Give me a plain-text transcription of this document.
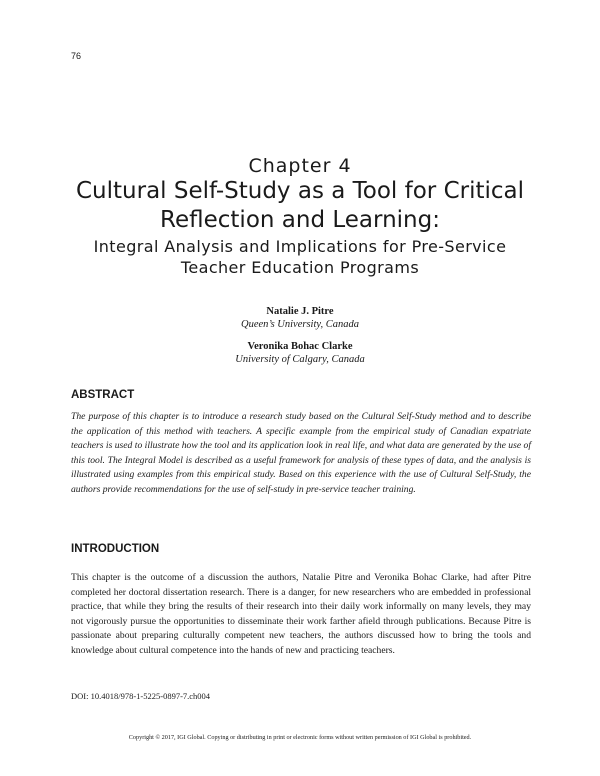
76
Chapter 4
Cultural Self-Study as a Tool for Critical Reflection and Learning:
Integral Analysis and Implications for Pre-Service Teacher Education Programs
Natalie J. Pitre
Queen’s University, Canada
Veronika Bohac Clarke
University of Calgary, Canada
ABSTRACT
The purpose of this chapter is to introduce a research study based on the Cultural Self-Study method and to describe the application of this method with teachers. A specific example from the empirical study of Canadian expatriate teachers is used to illustrate how the tool and its application look in real life, and what data are generated by the use of this tool. The Integral Model is described as a useful framework for analysis of these types of data, and the analysis is illustrated using examples from this empirical study. Based on this experience with the use of Cultural Self-Study, the authors provide recommendations for the use of self-study in pre-service teacher training.
INTRODUCTION
This chapter is the outcome of a discussion the authors, Natalie Pitre and Veronika Bohac Clarke, had after Pitre completed her doctoral dissertation research. There is a danger, for new researchers who are embedded in professional practice, that while they bring the results of their research into their daily work informally on many levels, they may not vigorously pursue the opportunities to disseminate their work farther afield through publications. Because Pitre is passionate about preparing culturally competent new teachers, the authors discussed how to bring the tools and knowledge about cultural competence into the hands of new and practicing teachers.
DOI: 10.4018/978-1-5225-0897-7.ch004
Copyright © 2017, IGI Global. Copying or distributing in print or electronic forms without written permission of IGI Global is prohibited.
